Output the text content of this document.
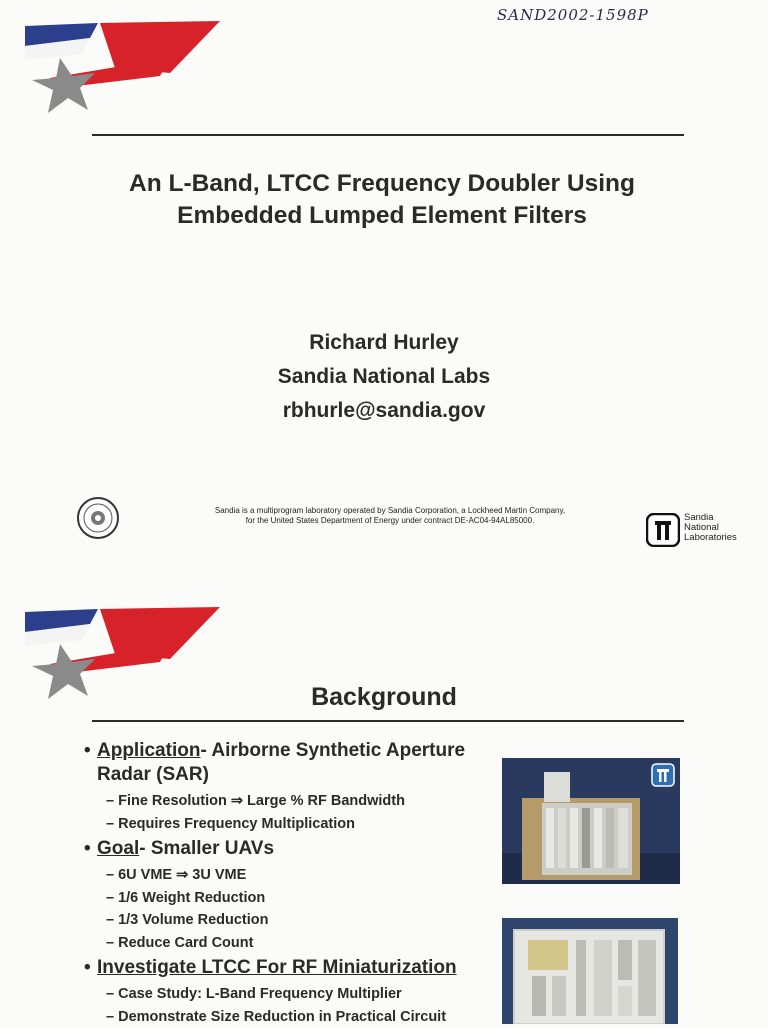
SAND2002-1598P
An L-Band, LTCC Frequency Doubler Using
Embedded Lumped Element Filters
Richard Hurley
Sandia National Labs
rbhurle@sandia.gov
Sandia is a multiprogram laboratory operated by Sandia Corporation, a Lockheed Martin Company,
for the United States Department of Energy under contract DE-AC04-94AL85000.	Sandia
National
Laboratories
Background
• Application- Airborne Synthetic Aperture
Radar (SAR)
– Fine Resolution ⇒ Large % RF Bandwidth
– Requires Frequency Multiplication
• Goal- Smaller UAVs
– 6U VME ⇒ 3U VME
– 1/6 Weight Reduction
– 1/3 Volume Reduction
– Reduce Card Count
• Investigate LTCC For RF Miniaturization
– Case Study: L-Band Frequency Multiplier
– Demonstrate Size Reduction in Practical Circuit
